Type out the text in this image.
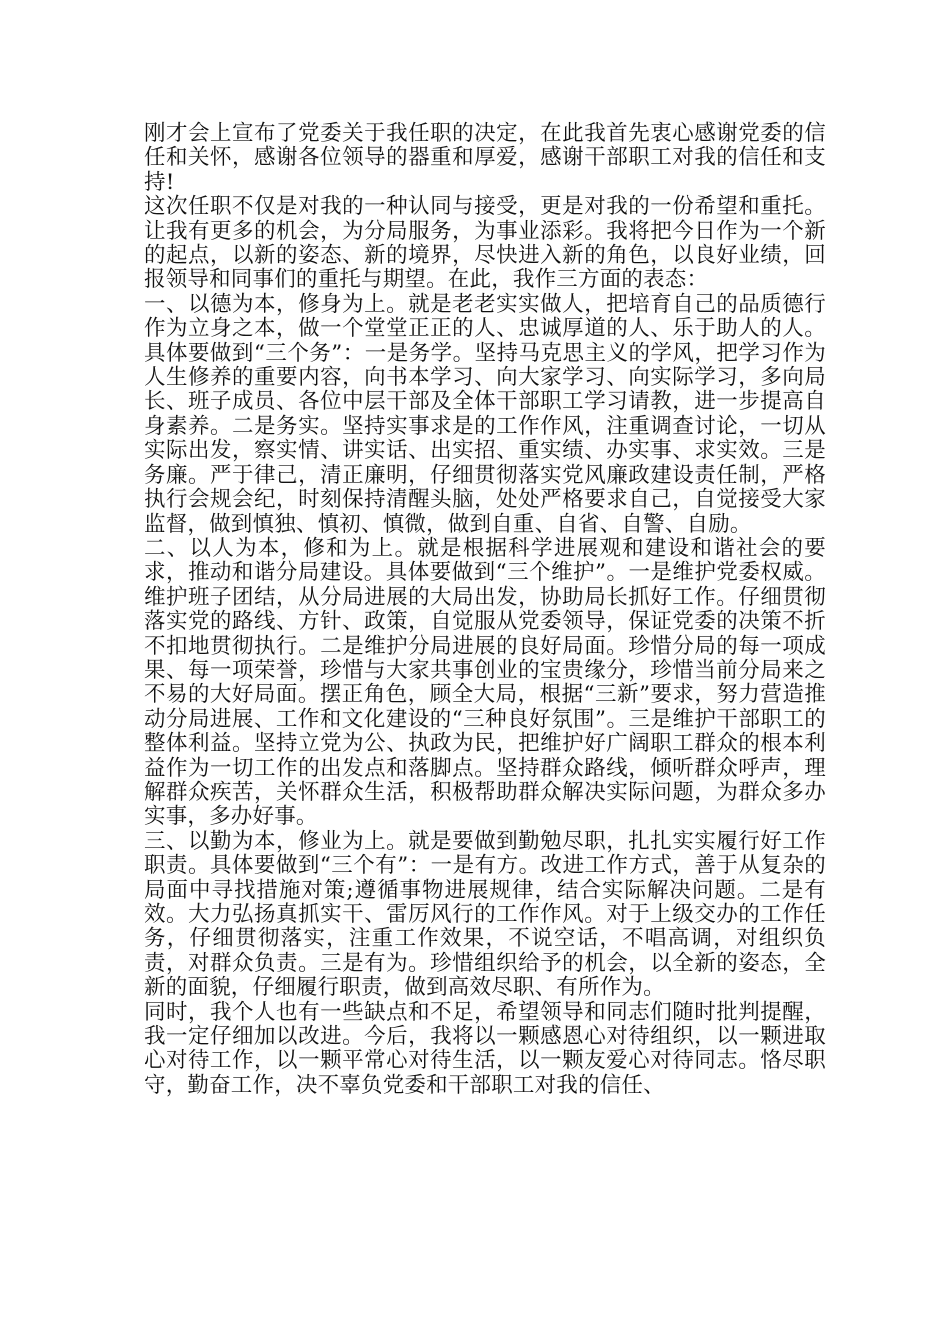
刚才会上宣布了党委关于我任职的决定，在此我首先衷心感谢党委的信任和关怀，感谢各位领导的器重和厚爱，感谢干部职工对我的信任和支持!

这次任职不仅是对我的一种认同与接受，更是对我的一份希望和重托。让我有更多的机会，为分局服务，为事业添彩。我将把今日作为一个新的起点，以新的姿态、新的境界，尽快进入新的角色，以良好业绩，回报领导和同事们的重托与期望。在此，我作三方面的表态：

一、以德为本，修身为上。就是老老实实做人，把培育自己的品质德行作为立身之本，做一个堂堂正正的人、忠诚厚道的人、乐于助人的人。具体要做到“三个务”：一是务学。坚持马克思主义的学风，把学习作为人生修养的重要内容，向书本学习、向大家学习、向实际学习，多向局长、班子成员、各位中层干部及全体干部职工学习请教，进一步提高自身素养。二是务实。坚持实事求是的工作作风，注重调查讨论，一切从实际出发，察实情、讲实话、出实招、重实绩、办实事、求实效。三是务廉。严于律己，清正廉明，仔细贯彻落实党风廉政建设责任制，严格执行会规会纪，时刻保持清醒头脑，处处严格要求自己，自觉接受大家监督，做到慎独、慎初、慎微，做到自重、自省、自警、自励。

二、以人为本，修和为上。就是根据科学进展观和建设和谐社会的要求，推动和谐分局建设。具体要做到“三个维护”。一是维护党委权威。维护班子团结，从分局进展的大局出发，协助局长抓好工作。仔细贯彻落实党的路线、方针、政策，自觉服从党委领导，保证党委的决策不折不扣地贯彻执行。二是维护分局进展的良好局面。珍惜分局的每一项成果、每一项荣誉，珍惜与大家共事创业的宝贵缘分，珍惜当前分局来之不易的大好局面。摆正角色，顾全大局，根据“三新”要求，努力营造推动分局进展、工作和文化建设的“三种良好氛围”。三是维护干部职工的整体利益。坚持立党为公、执政为民，把维护好广阔职工群众的根本利益作为一切工作的出发点和落脚点。坚持群众路线，倾听群众呼声，理解群众疾苦，关怀群众生活，积极帮助群众解决实际问题，为群众多办实事，多办好事。

三、以勤为本，修业为上。就是要做到勤勉尽职，扎扎实实履行好工作职责。具体要做到“三个有”：一是有方。改进工作方式，善于从复杂的局面中寻找措施对策;遵循事物进展规律，结合实际解决问题。二是有效。大力弘扬真抓实干、雷厉风行的工作作风。对于上级交办的工作任务，仔细贯彻落实，注重工作效果，不说空话，不唱高调，对组织负责，对群众负责。三是有为。珍惜组织给予的机会，以全新的姿态，全新的面貌，仔细履行职责，做到高效尽职、有所作为。

同时，我个人也有一些缺点和不足，希望领导和同志们随时批判提醒，我一定仔细加以改进。今后，我将以一颗感恩心对待组织，以一颗进取心对待工作，以一颗平常心对待生活，以一颗友爱心对待同志。恪尽职守，勤奋工作，决不辜负党委和干部职工对我的信任、
